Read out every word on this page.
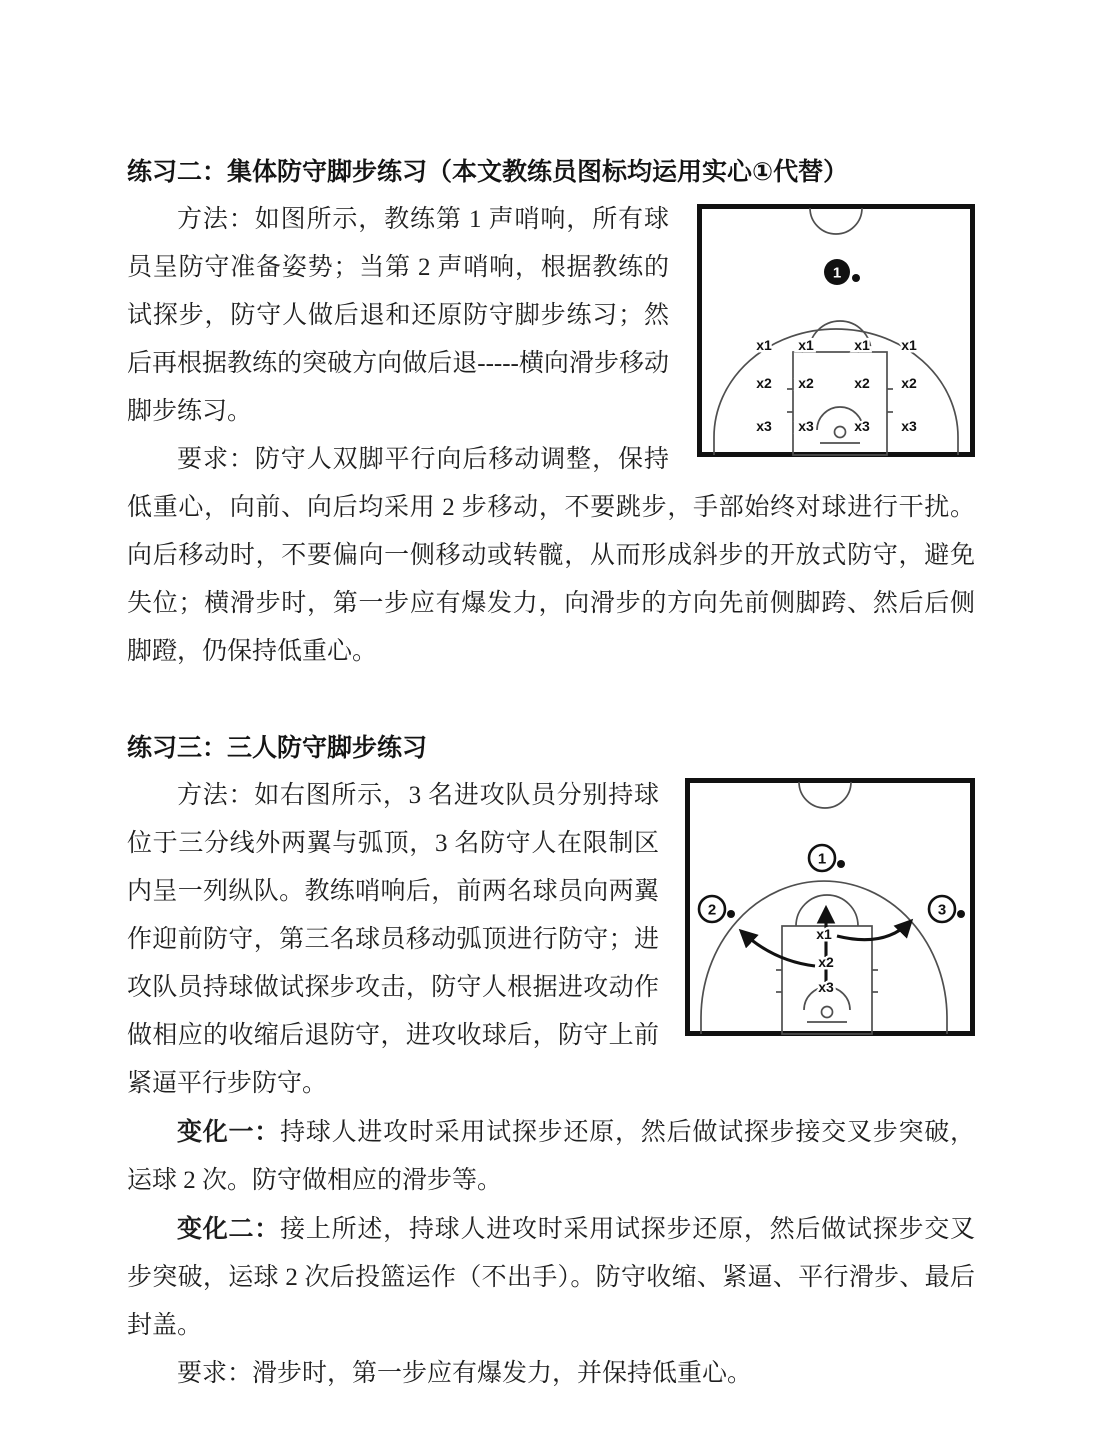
练习二：集体防守脚步练习（本文教练员图标均运用实心①代替）
1
x1 x1	x1 x1
x2 x2	x2 x2
x3 x3	x3 x3

方法：如图所示，教练第 1 声哨响，所有球员呈防守准备姿势；当第 2 声哨响，根据教练的试探步，防守人做后退和还原防守脚步练习；然后再根据教练的突破方向做后退-----横向滑步移动脚步练习。

要求：防守人双脚平行向后移动调整，保持低重心，向前、向后均采用 2 步移动，不要跳步，手部始终对球进行干扰。向后移动时，不要偏向一侧移动或转髋，从而形成斜步的开放式防守，避免失位；横滑步时，第一步应有爆发力，向滑步的方向先前侧脚跨、然后后侧脚蹬，仍保持低重心。

练习三：三人防守脚步练习
1
2	3
x1
x2
x3

方法：如右图所示，3 名进攻队员分别持球位于三分线外两翼与弧顶，3 名防守人在限制区内呈一列纵队。教练哨响后，前两名球员向两翼作迎前防守，第三名球员移动弧顶进行防守；进攻队员持球做试探步攻击，防守人根据进攻动作做相应的收缩后退防守，进攻收球后，防守上前紧逼平行步防守。

变化一：持球人进攻时采用试探步还原，然后做试探步接交叉步突破，运球 2 次。防守做相应的滑步等。

变化二：接上所述，持球人进攻时采用试探步还原，然后做试探步交叉步突破，运球 2 次后投篮运作（不出手）。防守收缩、紧逼、平行滑步、最后封盖。

要求：滑步时，第一步应有爆发力，并保持低重心。
